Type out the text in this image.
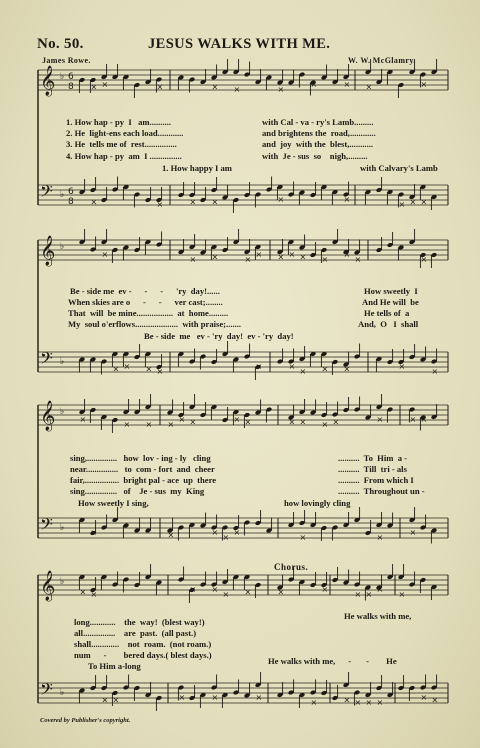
No. 50.	JESUS WALKS WITH ME.
James Rowe.	W. W. McGlamry.
𝄞
𝄢
♭
♭
6
8
6
8
× ×	×	× ×	×
×	× ×	×
×	×	× ×	×	×
× × ×
𝄞
𝄢
♭
♭
×
× ×	×
× × × × ×
×
×	×
× × × ×
×	×
× × ×	×
×
𝄞
𝄢
♭
♭
×
× × ×
× ×	× ×	× × × ×	×	× ×
×	×	×
×
×
×	×
×
𝄞
𝄢
♭
♭
× ×
× ×
× ×	×	×
× ×
×
×
× ×	×	×	×
×	× × × ×
× ×
1. How hap - py  I   am..........	with Cal - va - ry's Lamb.........
2. He  light-ens each load............	and brightens the  road,............
3. He  tells me of  rest...............	and  joy  with the  blest,...........
4. How hap - py  am  I ...............	with  Je - sus  so    nigh,.........
1. How happy I am	with Calvary's Lamb
Be - side me  ev -      -      -      'ry  day!......	How sweetly  I
When skies are o      -      -      ver cast;........	And He will  be
That  will  be mine.................  at  home.........	He tells of  a
My  soul o'erflows....................  with praise;.......	And,  O   I  shall
Be - side  me   ev - 'ry  day!  ev - 'ry  day!
sing,..............   how  lov - ing - ly   cling	..........  To  Him  a -
near...............   to  com - fort  and  cheer	..........  Till  tri - als
fair,................  bright pal - ace  up  there	..........  From which I
sing...............   of    Je - sus  my  King	..........  Throughout un -
How sweetly I sing,	how lovingly cling
Chorus.
long............    the  way!  (blest way!)
He walks with me,
all...............    are  past.  (all past.)
shall.............    not  roam.  (not roam.)
num      -        bered days.( blest days.)
To Him a-long	He walks with me,      -       -        He
Covered by Publisher's copyright.
